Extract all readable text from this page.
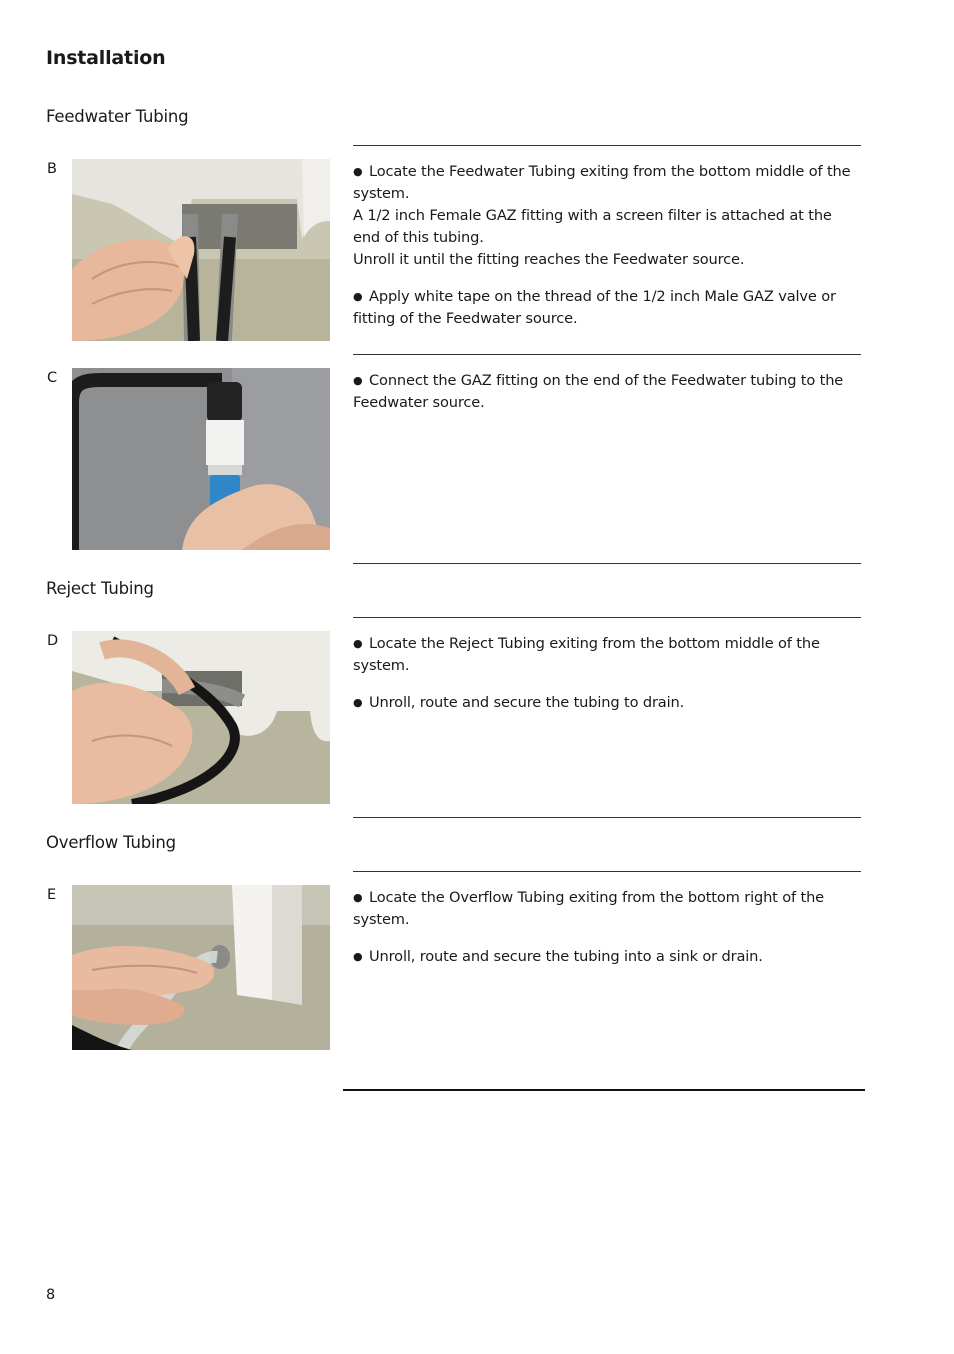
Installation
Feedwater Tubing
B	● Locate the Feedwater Tubing exiting from the bottom middle of the system.
A 1/2 inch Female GAZ fitting with a screen filter is attached at the end of this tubing.
Unroll it until the fitting reaches the Feedwater source.

● Apply white tape on the thread of the 1/2 inch Male GAZ valve or fitting of the Feedwater source.

C	● Connect the GAZ fitting on the end of the Feedwater tubing to the Feedwater source.

Reject Tubing
D	● Locate the Reject Tubing exiting from the bottom middle of the system.

● Unroll, route and secure the tubing to drain.

Overflow Tubing
E	● Locate the Overflow Tubing exiting from the bottom right of the system.

● Unroll, route and secure the tubing into a sink or drain.

8
